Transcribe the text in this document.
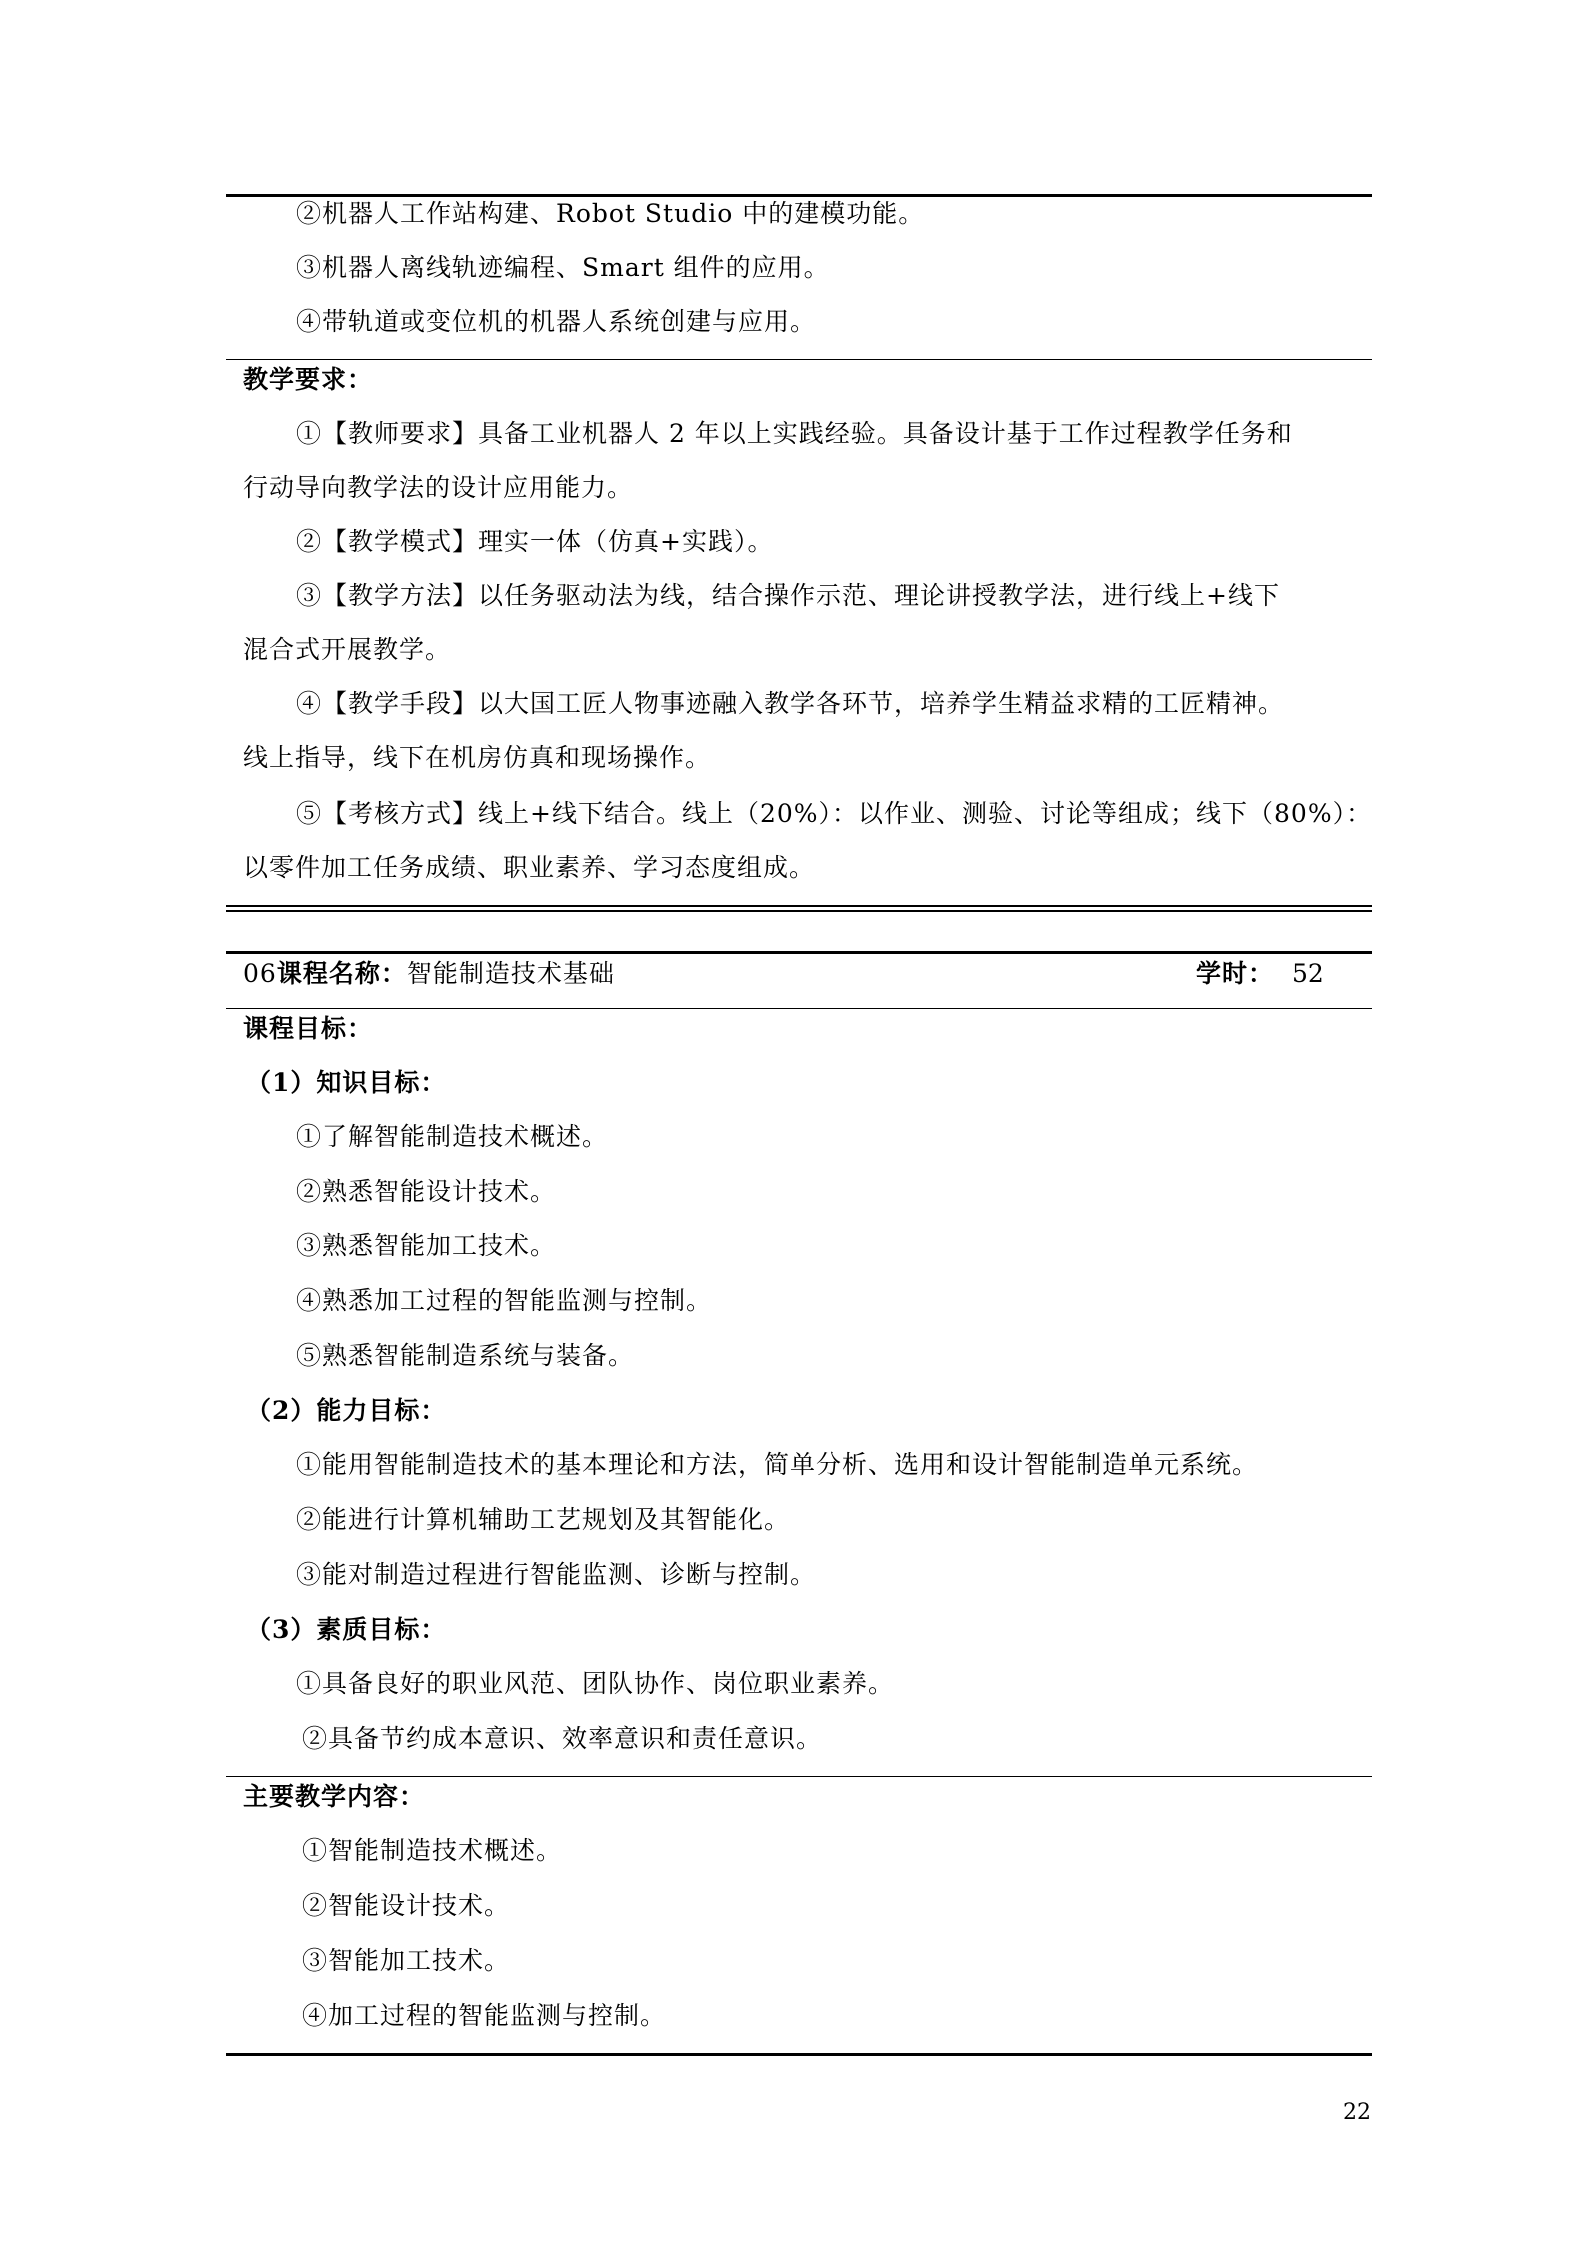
②机器人工作站构建、Robot Studio 中的建模功能。
③机器人离线轨迹编程、Smart 组件的应用。
④带轨道或变位机的机器人系统创建与应用。
教学要求：
①【教师要求】具备工业机器人 2 年以上实践经验。具备设计基于工作过程教学任务和
行动导向教学法的设计应用能力。
②【教学模式】理实一体（仿真+实践）。
③【教学方法】以任务驱动法为线，结合操作示范、理论讲授教学法，进行线上+线下
混合式开展教学。
④【教学手段】以大国工匠人物事迹融入教学各环节，培养学生精益求精的工匠精神。
线上指导，线下在机房仿真和现场操作。
⑤【考核方式】线上+线下结合。线上（20%）：以作业、测验、讨论等组成；线下（80%）：
以零件加工任务成绩、职业素养、学习态度组成。
06课程名称：智能制造技术基础	学时： 52
课程目标：
（1）知识目标：
①了解智能制造技术概述。
②熟悉智能设计技术。
③熟悉智能加工技术。
④熟悉加工过程的智能监测与控制。
⑤熟悉智能制造系统与装备。
（2）能力目标：
①能用智能制造技术的基本理论和方法，简单分析、选用和设计智能制造单元系统。
②能进行计算机辅助工艺规划及其智能化。
③能对制造过程进行智能监测、诊断与控制。
（3）素质目标：
①具备良好的职业风范、团队协作、岗位职业素养。
②具备节约成本意识、效率意识和责任意识。
主要教学内容：
①智能制造技术概述。
②智能设计技术。
③智能加工技术。
④加工过程的智能监测与控制。
22
